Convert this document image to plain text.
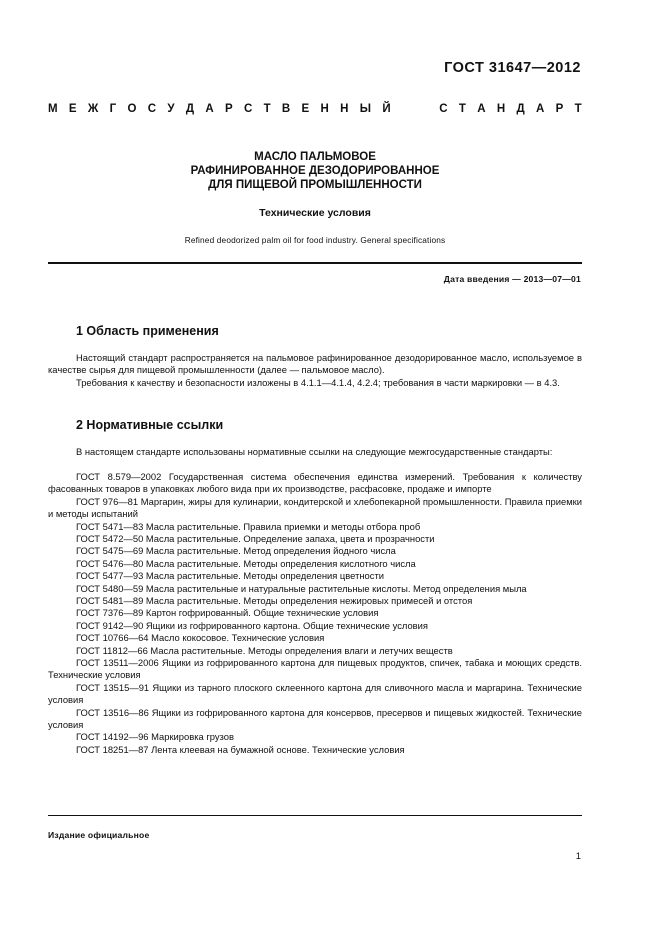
ГОСТ 31647—2012
М Е Ж Г О С У Д А Р С Т В Е Н Н Ы Й	С Т А Н Д А Р Т
МАСЛО ПАЛЬМОВОЕ
РАФИНИРОВАННОЕ ДЕЗОДОРИРОВАННОЕ
ДЛЯ ПИЩЕВОЙ ПРОМЫШЛЕННОСТИ
Технические условия
Refined deodorized palm oil for food industry. General specifications
Дата введения — 2013—07—01
1 Область применения
Настоящий стандарт распространяется на пальмовое рафинированное дезодорированное масло, используемое в качестве сырья для пищевой промышленности (далее — пальмовое масло).
Требования к качеству и безопасности изложены в 4.1.1—4.1.4, 4.2.4; требования в части маркировки — в 4.3.
2 Нормативные ссылки
В настоящем стандарте использованы нормативные ссылки на следующие межгосударственные стандарты:
ГОСТ 8.579—2002 Государственная система обеспечения единства измерений. Требования к количеству фасованных товаров в упаковках любого вида при их производстве, расфасовке, продаже и импорте
ГОСТ 976—81 Маргарин, жиры для кулинарии, кондитерской и хлебопекарной промышленности. Правила приемки и методы испытаний
ГОСТ 5471—83 Масла растительные. Правила приемки и методы отбора проб
ГОСТ 5472—50 Масла растительные. Определение запаха, цвета и прозрачности
ГОСТ 5475—69 Масла растительные. Метод определения йодного числа
ГОСТ 5476—80 Масла растительные. Методы определения кислотного числа
ГОСТ 5477—93 Масла растительные. Методы определения цветности
ГОСТ 5480—59 Масла растительные и натуральные растительные кислоты. Метод определения мыла
ГОСТ 5481—89 Масла растительные. Методы определения нежировых примесей и отстоя
ГОСТ 7376—89 Картон гофрированный. Общие технические условия
ГОСТ 9142—90 Ящики из гофрированного картона. Общие технические условия
ГОСТ 10766—64 Масло кокосовое. Технические условия
ГОСТ 11812—66 Масла растительные. Методы определения влаги и летучих веществ
ГОСТ 13511—2006 Ящики из гофрированного картона для пищевых продуктов, спичек, табака и моющих средств. Технические условия
ГОСТ 13515—91 Ящики из тарного плоского склеенного картона для сливочного масла и маргарина. Технические условия
ГОСТ 13516—86 Ящики из гофрированного картона для консервов, пресервов и пищевых жидкостей. Технические условия
ГОСТ 14192—96 Маркировка грузов
ГОСТ 18251—87 Лента клеевая на бумажной основе. Технические условия
Издание официальное
1
